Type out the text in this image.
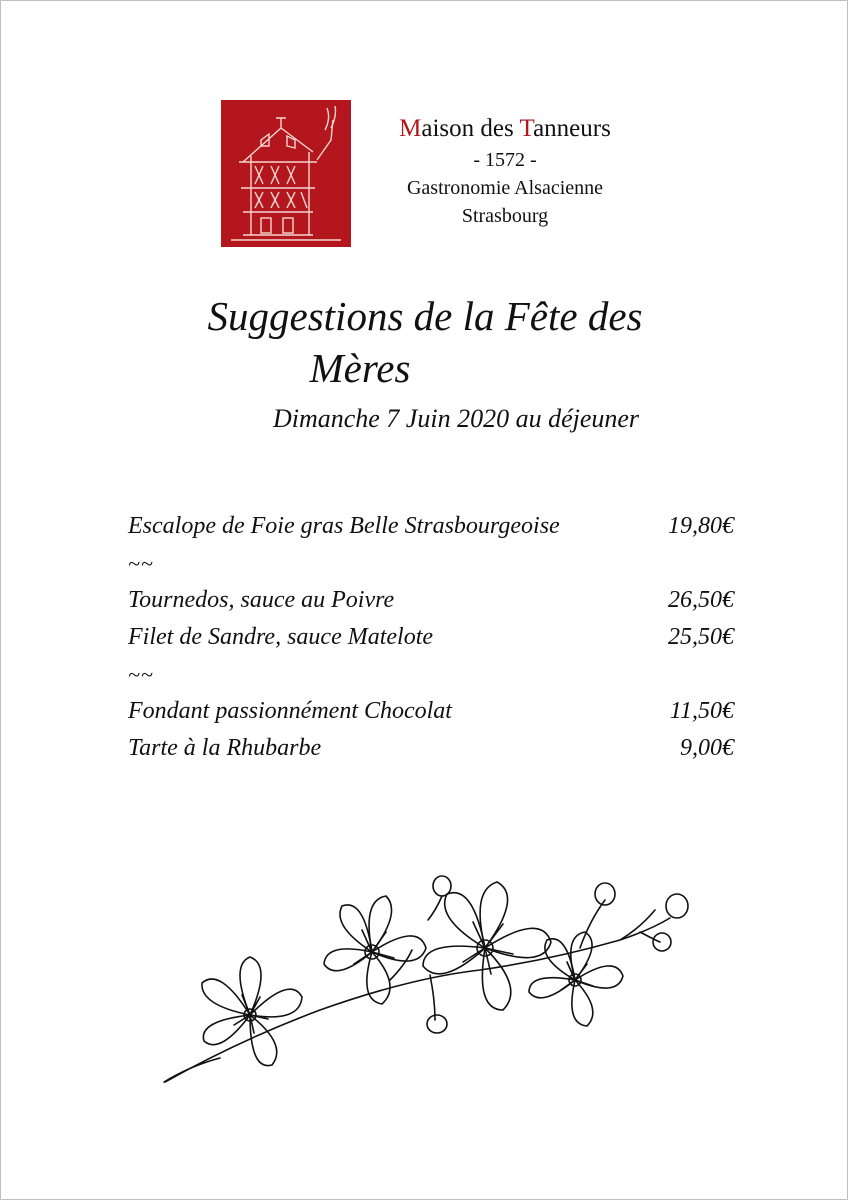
Maison des Tanneurs
- 1572 -
Gastronomie Alsacienne
Strasbourg
Suggestions de la Fête des
Mères
Dimanche 7 Juin 2020 au déjeuner
Escalope de Foie gras Belle Strasbourgeoise	19,80€
~~
Tournedos, sauce au Poivre	26,50€
Filet de Sandre, sauce Matelote	25,50€
~~
Fondant passionnément Chocolat	11,50€
Tarte à la Rhubarbe	9,00€
